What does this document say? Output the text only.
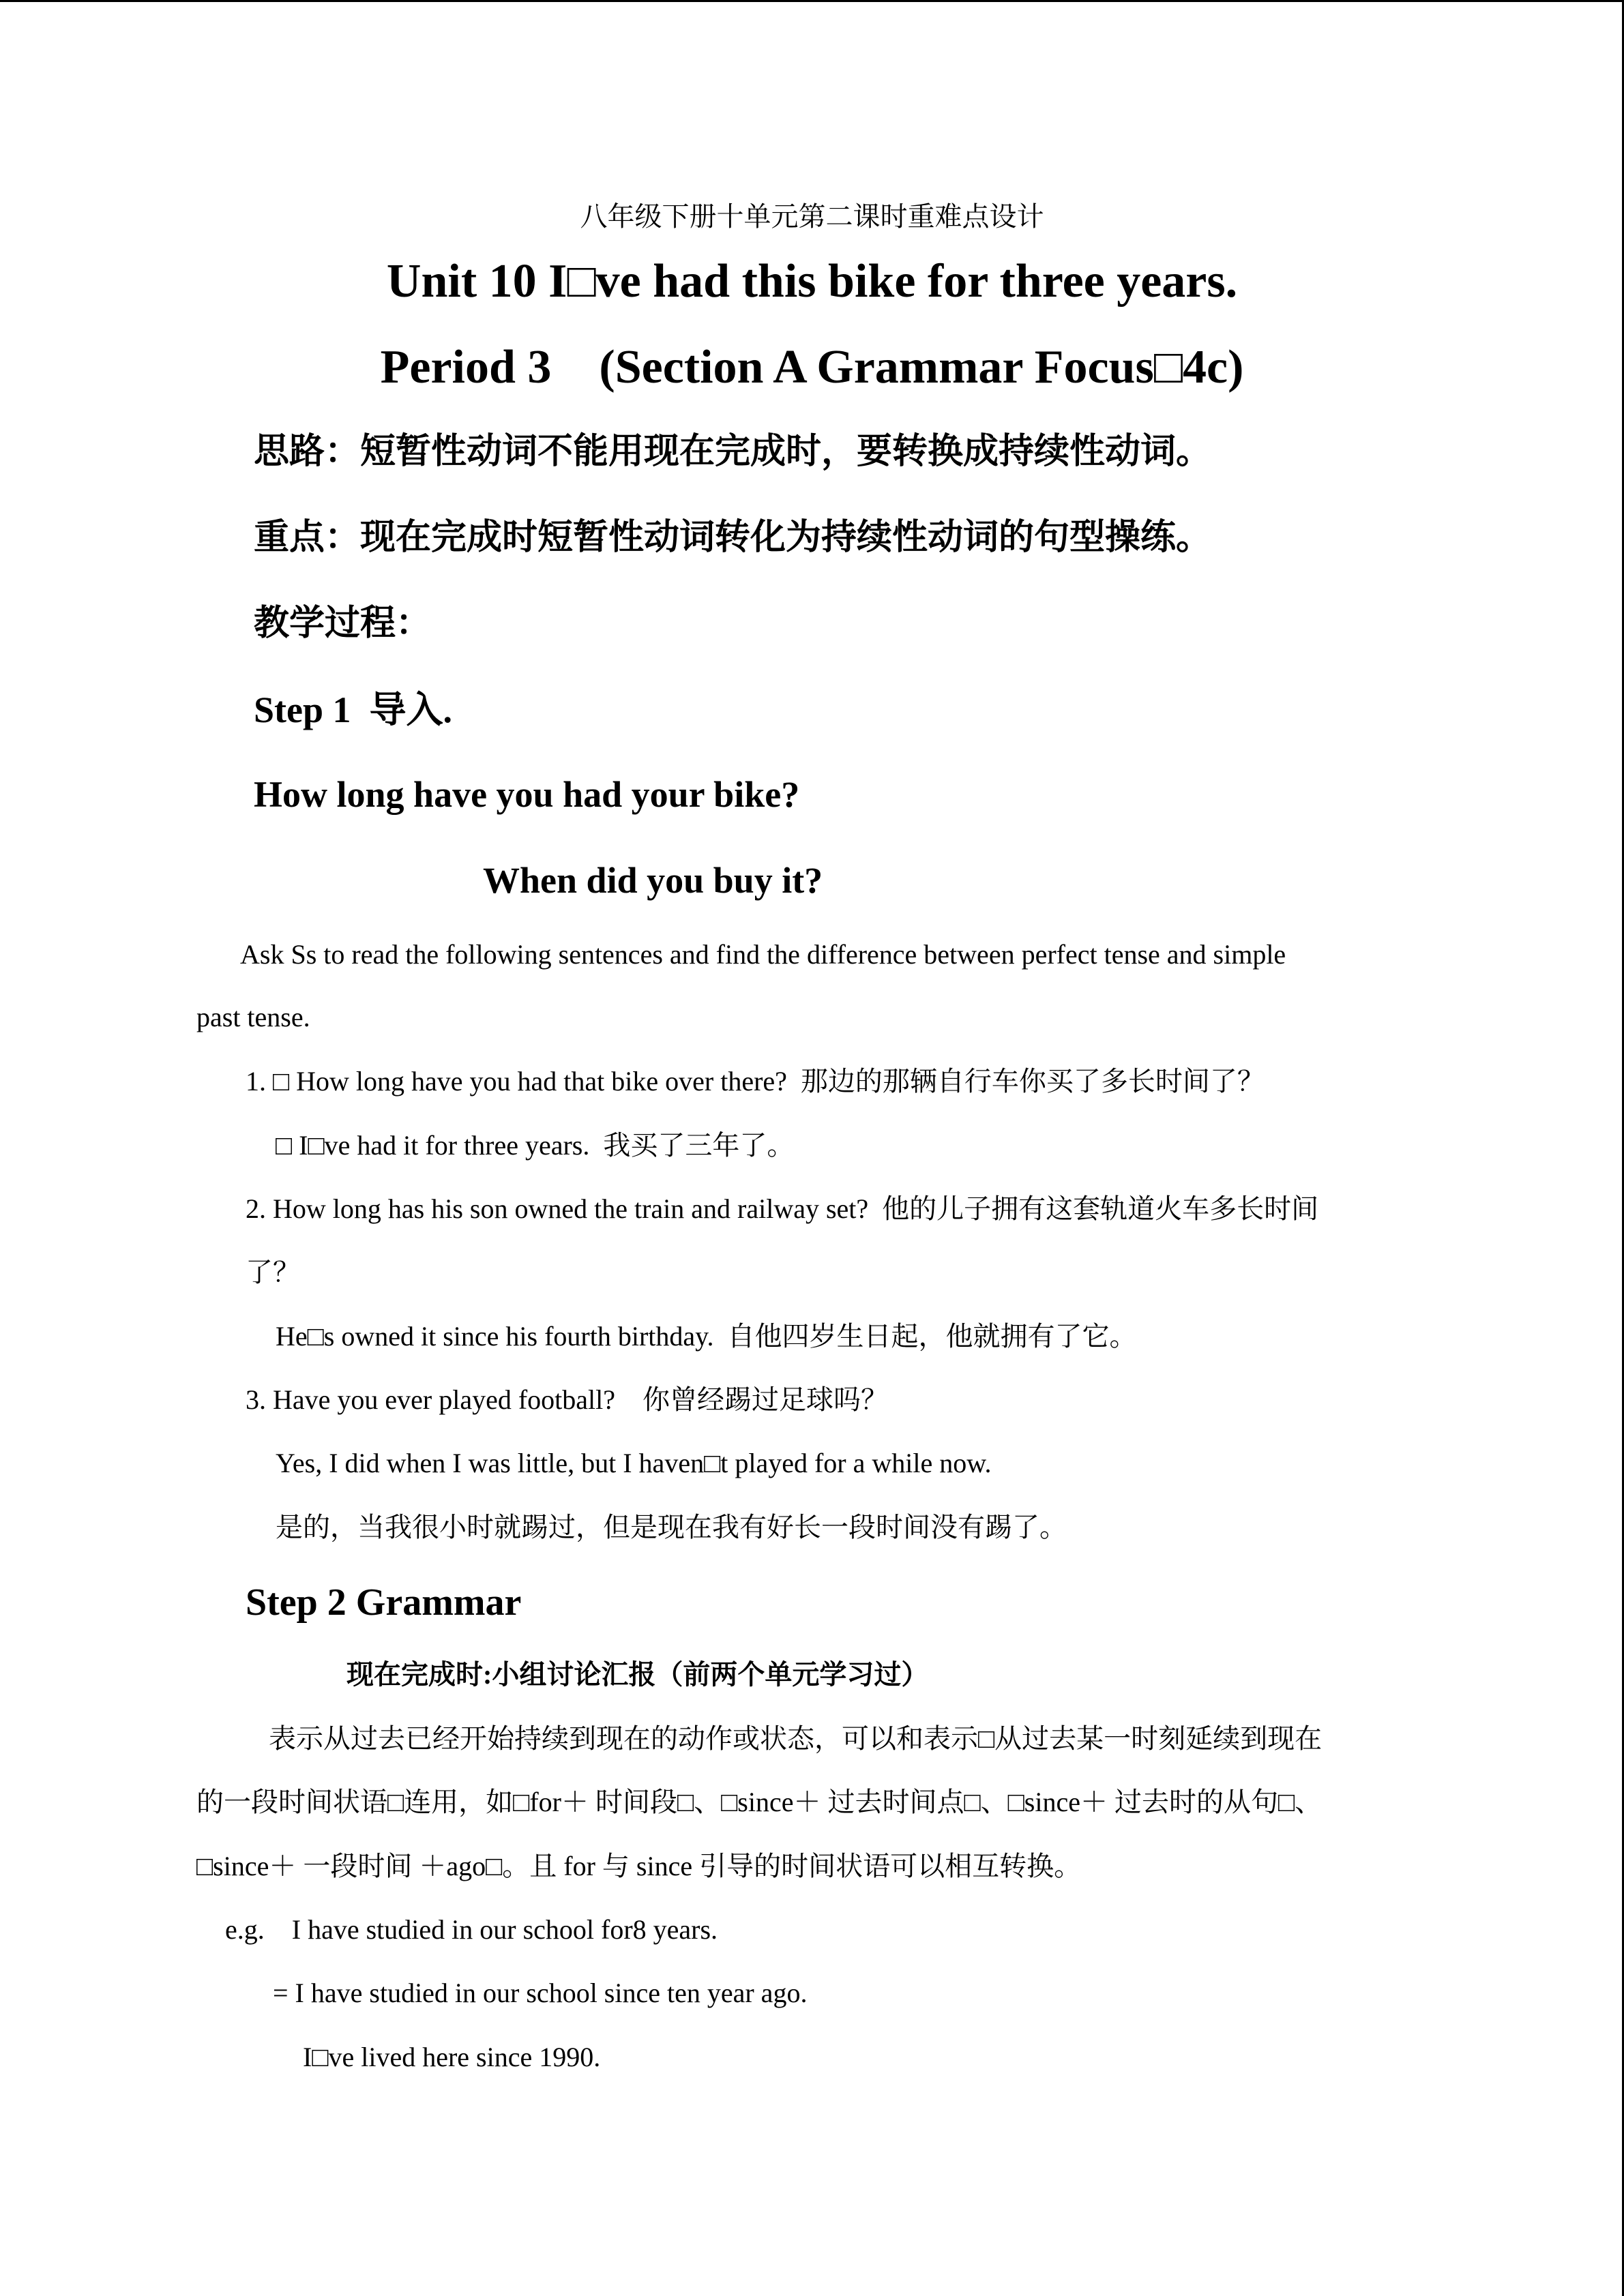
八年级下册十单元第二课时重难点设计
Unit 10 I□ve had this bike for three years.
Period 3    (Section A Grammar Focus□4c)
思路：短暂性动词不能用现在完成时，要转换成持续性动词。
重点：现在完成时短暂性动词转化为持续性动词的句型操练。
教学过程：
Step 1  导入.
How long have you had your bike?
When did you buy it?
Ask Ss to read the following sentences and find the difference between perfect tense and simple
past tense.
1. □ How long have you had that bike over there?  那边的那辆自行车你买了多长时间了？
□ I□ve had it for three years.  我买了三年了。
2. How long has his son owned the train and railway set?  他的儿子拥有这套轨道火车多长时间
了？
He□s owned it since his fourth birthday.  自他四岁生日起，他就拥有了它。
3. Have you ever played football?    你曾经踢过足球吗？
Yes, I did when I was little, but I haven□t played for a while now.
是的，当我很小时就踢过，但是现在我有好长一段时间没有踢了。
Step 2 Grammar
现在完成时:小组讨论汇报（前两个单元学习过）
表示从过去已经开始持续到现在的动作或状态，可以和表示□从过去某一时刻延续到现在
的一段时间状语□连用，如□for＋ 时间段□、□since＋ 过去时间点□、□since＋ 过去时的从句□、
□since＋ 一段时间 ＋ago□。且 for 与 since 引导的时间状语可以相互转换。
e.g.    I have studied in our school for8 years.
= I have studied in our school since ten year ago.
I□ve lived here since 1990.
